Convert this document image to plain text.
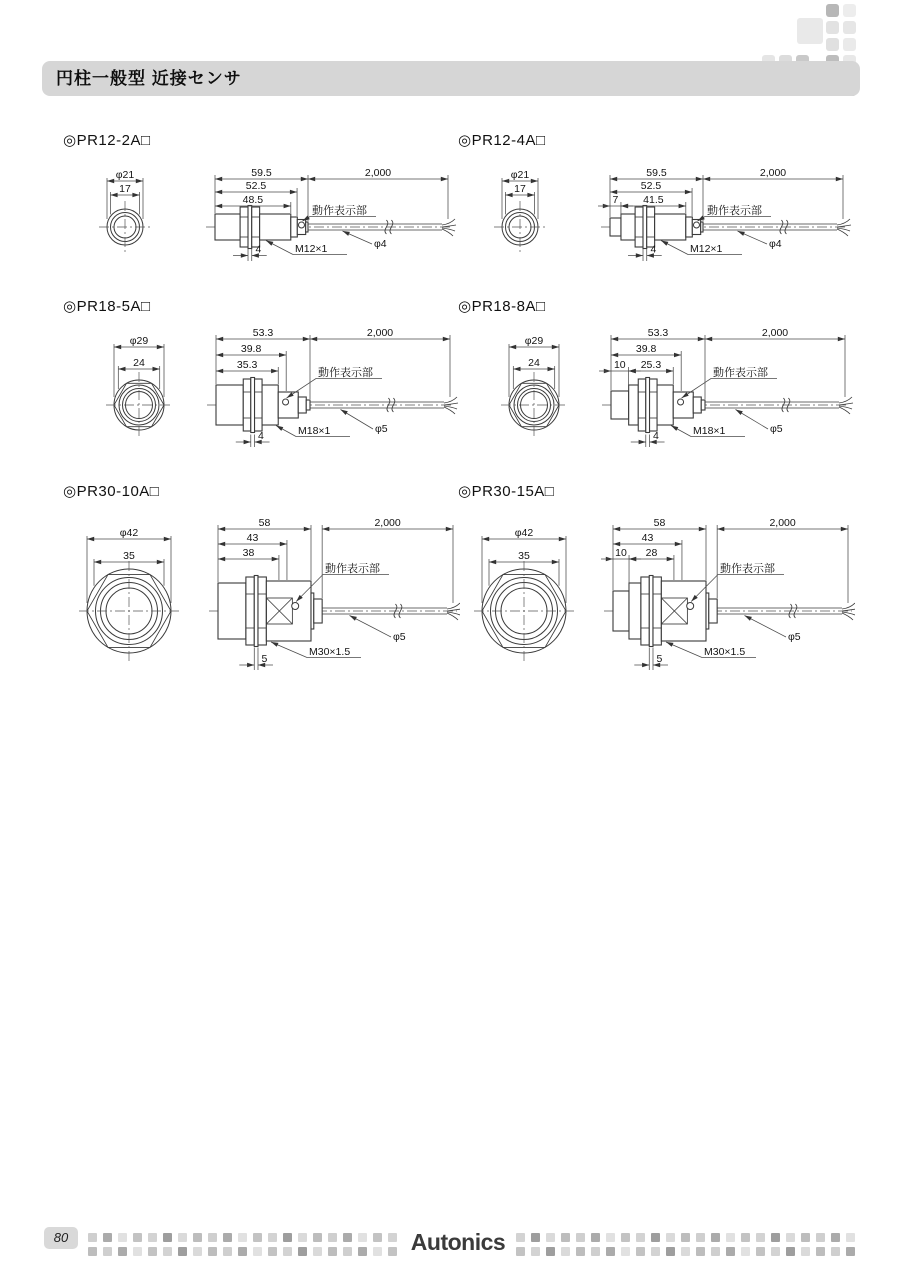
円柱一般型 近接センサ
◎PR12-2A□
φ21
17
59.5	2,000
52.5
48.5
動作表示部
M12×1	φ4
4
◎PR12-4A□
φ21
17
59.5	2,000
52.5
7 41.5
動作表示部
M12×1	φ4
4
◎PR18-5A□
φ29
24
53.3	2,000
39.8
35.3
動作表示部
M18×1	φ5
4
◎PR18-8A□
φ29
24
53.3	2,000
39.8
10 25.3
動作表示部
M18×1	φ5
4
◎PR30-10A□
φ42
35
58	2,000
43
38
動作表示部
M30×1.5
φ5
5
◎PR30-15A□
φ42
35
58	2,000
43
10 28
動作表示部
M30×1.5
φ5
5
80	Autonics
